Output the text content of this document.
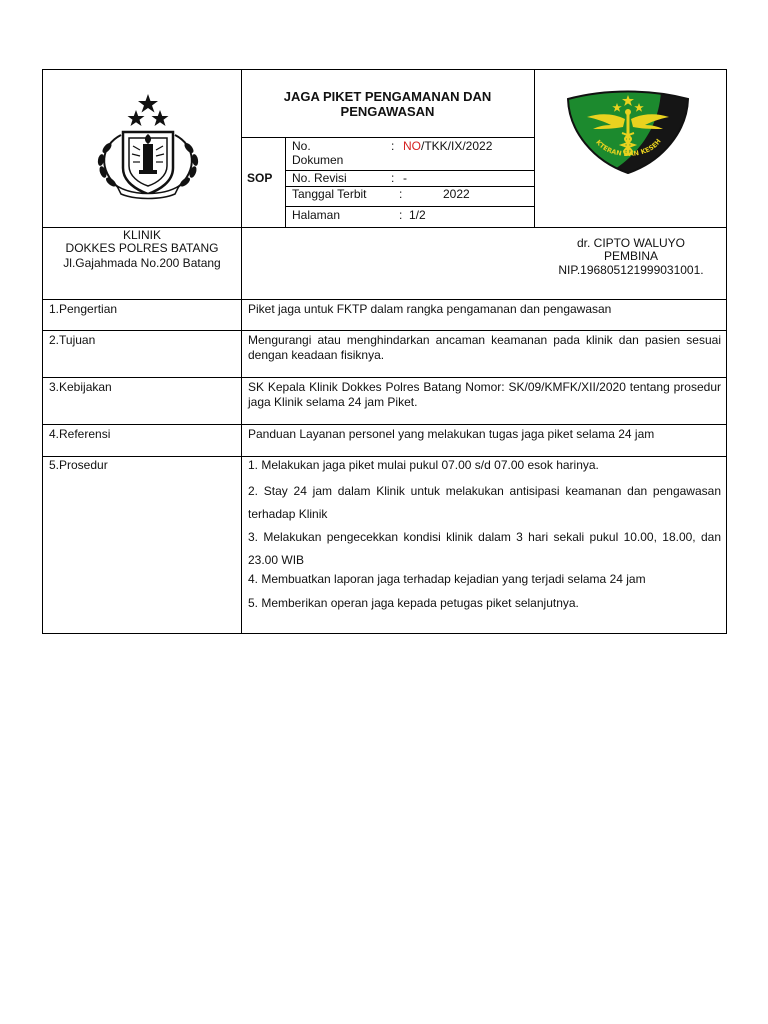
JAGA PIKET PENGAMANAN DAN PENGAWASAN
SOP
No. Dokumen
: NO/TKK/IX/2022
No. Revisi	: -
Tanggal Terbit	:	2022
Halaman	: 1/2
KTERAN DAN KESEH
KLINIK
DOKKES POLRES BATANG
Jl.Gajahmada No.200 Batang
dr. CIPTO WALUYO
PEMBINA
NIP.196805121999031001.
1.Pengertian	Piket jaga untuk FKTP dalam rangka pengamanan dan pengawasan
2.Tujuan	Mengurangi atau menghindarkan ancaman keamanan pada klinik dan pasien sesuai dengan keadaan fisiknya.
3.Kebijakan	SK Kepala Klinik Dokkes Polres Batang Nomor: SK/09/KMFK/XII/2020 tentang prosedur jaga Klinik selama 24 jam Piket.
4.Referensi	Panduan Layanan personel yang melakukan tugas jaga piket selama 24 jam
5.Prosedur	1. Melakukan jaga piket mulai pukul 07.00 s/d 07.00 esok harinya.
2. Stay 24 jam dalam Klinik untuk melakukan antisipasi keamanan dan pengawasan terhadap Klinik
3. Melakukan pengecekkan kondisi klinik dalam 3 hari sekali pukul 10.00, 18.00, dan 23.00 WIB
4. Membuatkan laporan jaga terhadap kejadian yang terjadi selama 24 jam
5. Memberikan operan jaga kepada petugas piket selanjutnya.
